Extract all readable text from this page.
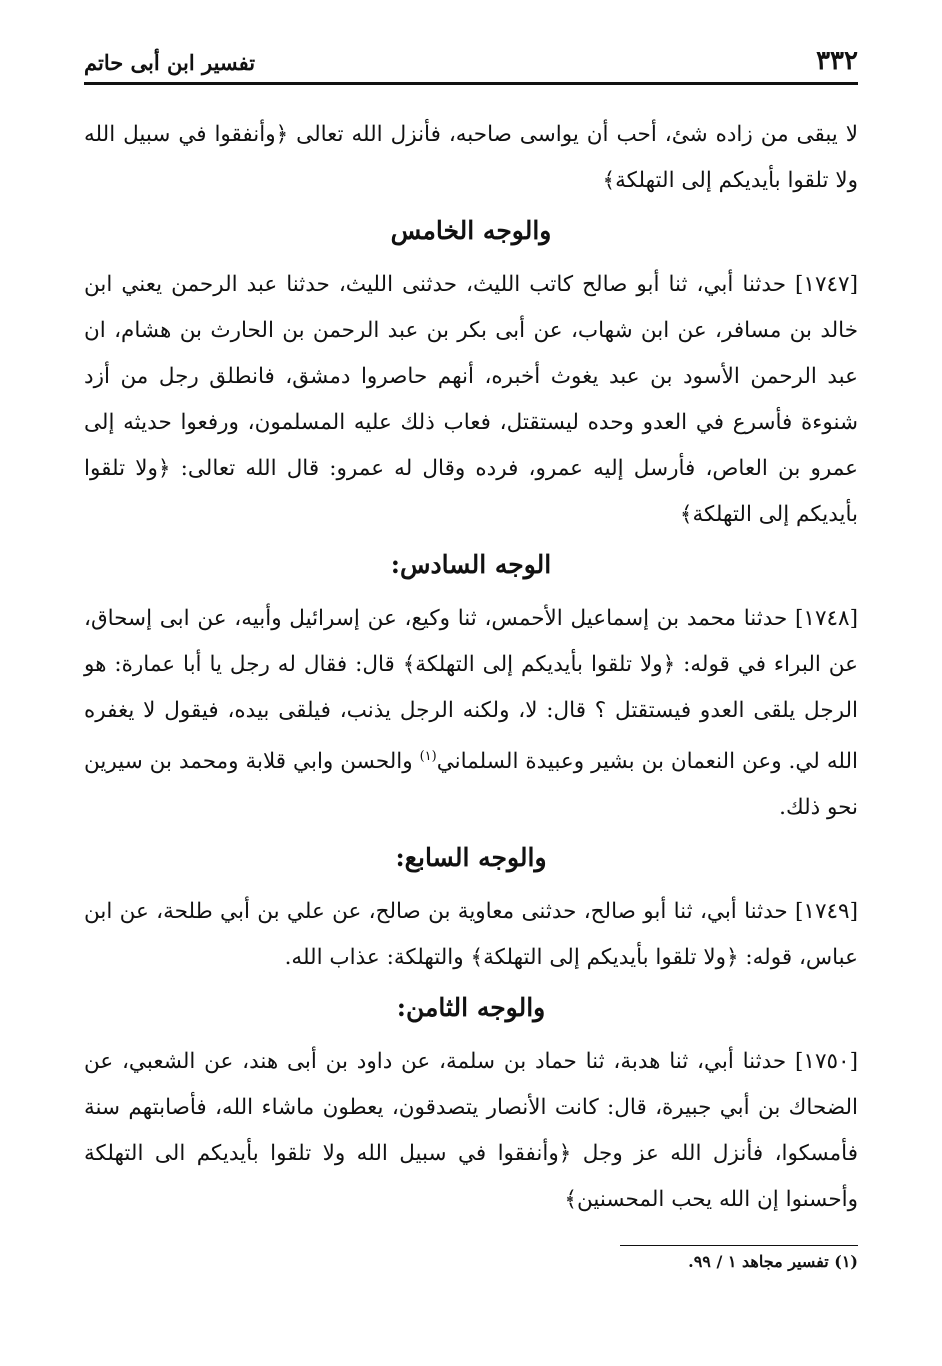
٣٣٢
تفسير ابن أبى حاتم

لا يبقى من زاده شئ، أحب أن يواسى صاحبه، فأنزل الله تعالى ﴿وأنفقوا في سبيل الله ولا تلقوا بأيديكم إلى التهلكة﴾

والوجه الخامس

[١٧٤٧] حدثنا أبي، ثنا أبو صالح كاتب الليث، حدثنى الليث، حدثنا عبد الرحمن يعني ابن خالد بن مسافر، عن ابن شهاب، عن أبى بكر بن عبد الرحمن بن الحارث بن هشام، ان عبد الرحمن الأسود بن عبد يغوث أخبره، أنهم حاصروا دمشق، فانطلق رجل من أزد شنوءة فأسرع في العدو وحده ليستقتل، فعاب ذلك عليه المسلمون، ورفعوا حديثه إلى عمرو بن العاص، فأرسل إليه عمرو، فرده وقال له عمرو: قال الله تعالى: ﴿ولا تلقوا بأيديكم إلى التهلكة﴾

الوجه السادس:

[١٧٤٨] حدثنا محمد بن إسماعيل الأحمس، ثنا وكيع، عن إسرائيل وأبيه، عن ابى إسحاق، عن البراء في قوله: ﴿ولا تلقوا بأيديكم إلى التهلكة﴾ قال: فقال له رجل يا أبا عمارة: هو الرجل يلقى العدو فيستقتل ؟ قال: لا، ولكنه الرجل يذنب، فيلقى بيده، فيقول لا يغفره الله لي. وعن النعمان بن بشير وعبيدة السلماني$^{(١)}$ والحسن وابي قلابة ومحمد بن سيرين نحو ذلك.

والوجه السابع:

[١٧٤٩] حدثنا أبي، ثنا أبو صالح، حدثنى معاوية بن صالح، عن علي بن أبي طلحة، عن ابن عباس، قوله: ﴿ولا تلقوا بأيديكم إلى التهلكة﴾ والتهلكة: عذاب الله.

والوجه الثامن:

[١٧٥٠] حدثنا أبي، ثنا هدبة، ثنا حماد بن سلمة، عن داود بن أبى هند، عن الشعبي، عن الضحاك بن أبي جبيرة، قال: كانت الأنصار يتصدقون، يعطون ماشاء الله، فأصابتهم سنة فأمسكوا، فأنزل الله عز وجل ﴿وأنفقوا في سبيل الله ولا تلقوا بأيديكم الى التهلكة وأحسنوا إن الله يحب المحسنين﴾

(١) تفسير مجاهد ١ / ٩٩.
